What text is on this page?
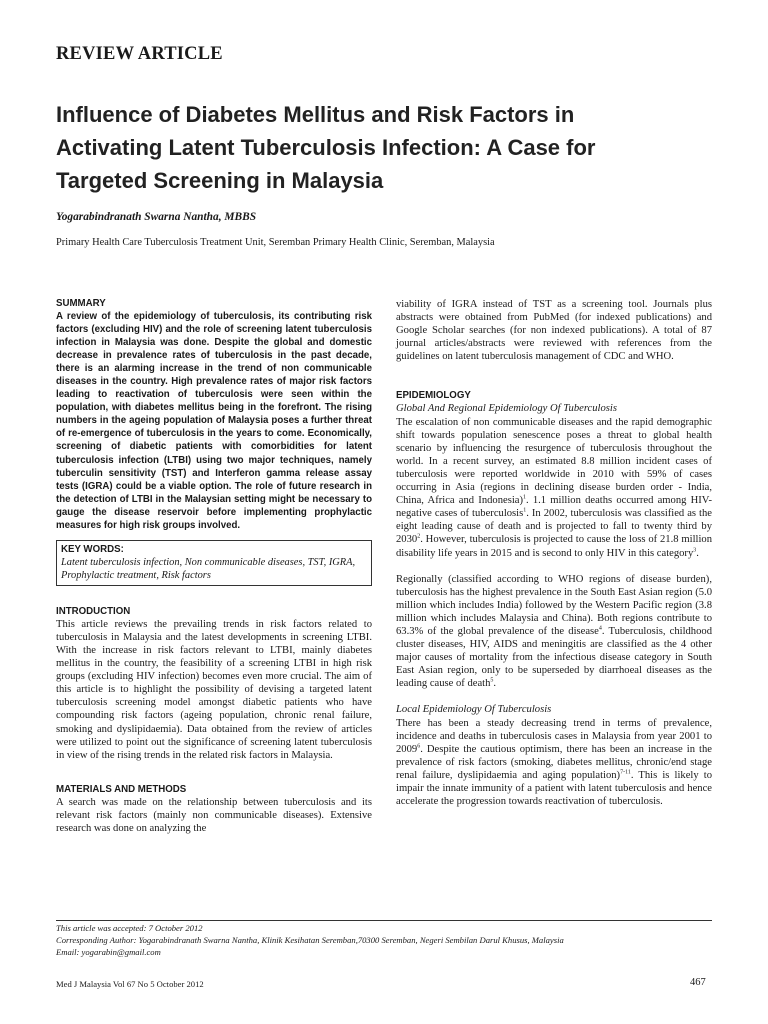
REVIEW ARTICLE
Influence of Diabetes Mellitus and Risk Factors in
Activating Latent Tuberculosis Infection: A Case for
Targeted Screening in Malaysia
Yogarabindranath Swarna Nantha, MBBS
Primary Health Care Tuberculosis Treatment Unit, Seremban Primary Health Clinic, Seremban, Malaysia
SUMMARY

A review of the epidemiology of tuberculosis, its contributing risk factors (excluding HIV) and the role of screening latent tuberculosis infection in Malaysia was done. Despite the global and domestic decrease in prevalence rates of tuberculosis in the past decade, there is an alarming increase in the trend of non communicable diseases in the country. High prevalence rates of major risk factors leading to reactivation of tuberculosis were seen within the population, with diabetes mellitus being in the forefront. The rising numbers in the ageing population of Malaysia poses a further threat of re-emergence of tuberculosis in the years to come. Economically, screening of diabetic patients with comorbidities for latent tuberculosis infection (LTBI) using two major techniques, namely tuberculin sensitivity (TST) and Interferon gamma release assay tests (IGRA) could be a viable option. The role of future research in the detection of LTBI in the Malaysian setting might be necessary to gauge the disease reservoir before implementing prophylactic measures for high risk groups involved.

KEY WORDS:

Latent tuberculosis infection, Non communicable diseases, TST, IGRA, Prophylactic treatment, Risk factors

INTRODUCTION

This article reviews the prevailing trends in risk factors related to tuberculosis in Malaysia and the latest developments in screening LTBI. With the increase in risk factors relevant to LTBI, mainly diabetes mellitus in the country, the feasibility of a screening LTBI in high risk groups (excluding HIV infection) becomes even more crucial. The aim of this article is to highlight the possibility of devising a targeted latent tuberculosis screening model amongst diabetic patients who have compounding risk factors (ageing population, chronic renal failure, smoking and dyslipidaemia). Data obtained from the review of articles were utilized to point out the significance of screening latent tuberculosis in view of the rising trends in the related risk factors in Malaysia.

MATERIALS AND METHODS

A search was made on the relationship between tuberculosis and its relevant risk factors (mainly non communicable diseases). Extensive research was done on analyzing the

viability of IGRA instead of TST as a screening tool. Journals plus abstracts were obtained from PubMed (for indexed publications) and Google Scholar searches (for non indexed publications). A total of 87 journal articles/abstracts were reviewed with references from the guidelines on latent tuberculosis management of CDC and WHO.

EPIDEMIOLOGY

Global And Regional Epidemiology Of Tuberculosis

The escalation of non communicable diseases and the rapid demographic shift towards population senescence poses a threat to global health scenario by influencing the resurgence of tuberculosis throughout the world. In a recent survey, an estimated 8.8 million incident cases of tuberculosis were reported worldwide in 2010 with 59% of cases occurring in Asia (regions in declining disease burden order - India, China, Africa and Indonesia)$^1$. 1.1 million deaths occurred among HIV-negative cases of tuberculosis$^1$. In 2002, tuberculosis was classified as the eight leading cause of death and is projected to fall to twenty third by 2030$^2$. However, tuberculosis is projected to cause the loss of 21.8 million disability life years in 2015 and is second to only HIV in this category$^3$.

Regionally (classified according to WHO regions of disease burden), tuberculosis has the highest prevalence in the South East Asian region (5.0 million which includes India) followed by the Western Pacific region (3.8 million which includes Malaysia and China). Both regions contribute to 63.3% of the global prevalence of the disease$^4$. Tuberculosis, childhood cluster diseases, HIV, AIDS and meningitis are classified as the 4 other major causes of mortality from the infectious disease category in South East Asian region, only to be superseded by diarrhoeal diseases as the leading cause of death$^5$.

Local Epidemiology Of Tuberculosis

There has been a steady decreasing trend in terms of prevalence, incidence and deaths in tuberculosis cases in Malaysia from year 2001 to 2009$^6$. Despite the cautious optimism, there has been an increase in the prevalence of risk factors (smoking, diabetes mellitus, chronic/end stage renal failure, dyslipidaemia and aging population)$^{7-11}$. This is likely to impair the innate immunity of a patient with latent tuberculosis and hence accelerate the progression towards reactivation of tuberculosis.

This article was accepted: 7 October 2012
Corresponding Author: Yogarabindranath Swarna Nantha, Klinik Kesihatan Seremban,70300 Seremban, Negeri Sembilan Darul Khusus, Malaysia
Email: yogarabin@gmail.com
Med J Malaysia Vol 67 No 5 October 2012	467
